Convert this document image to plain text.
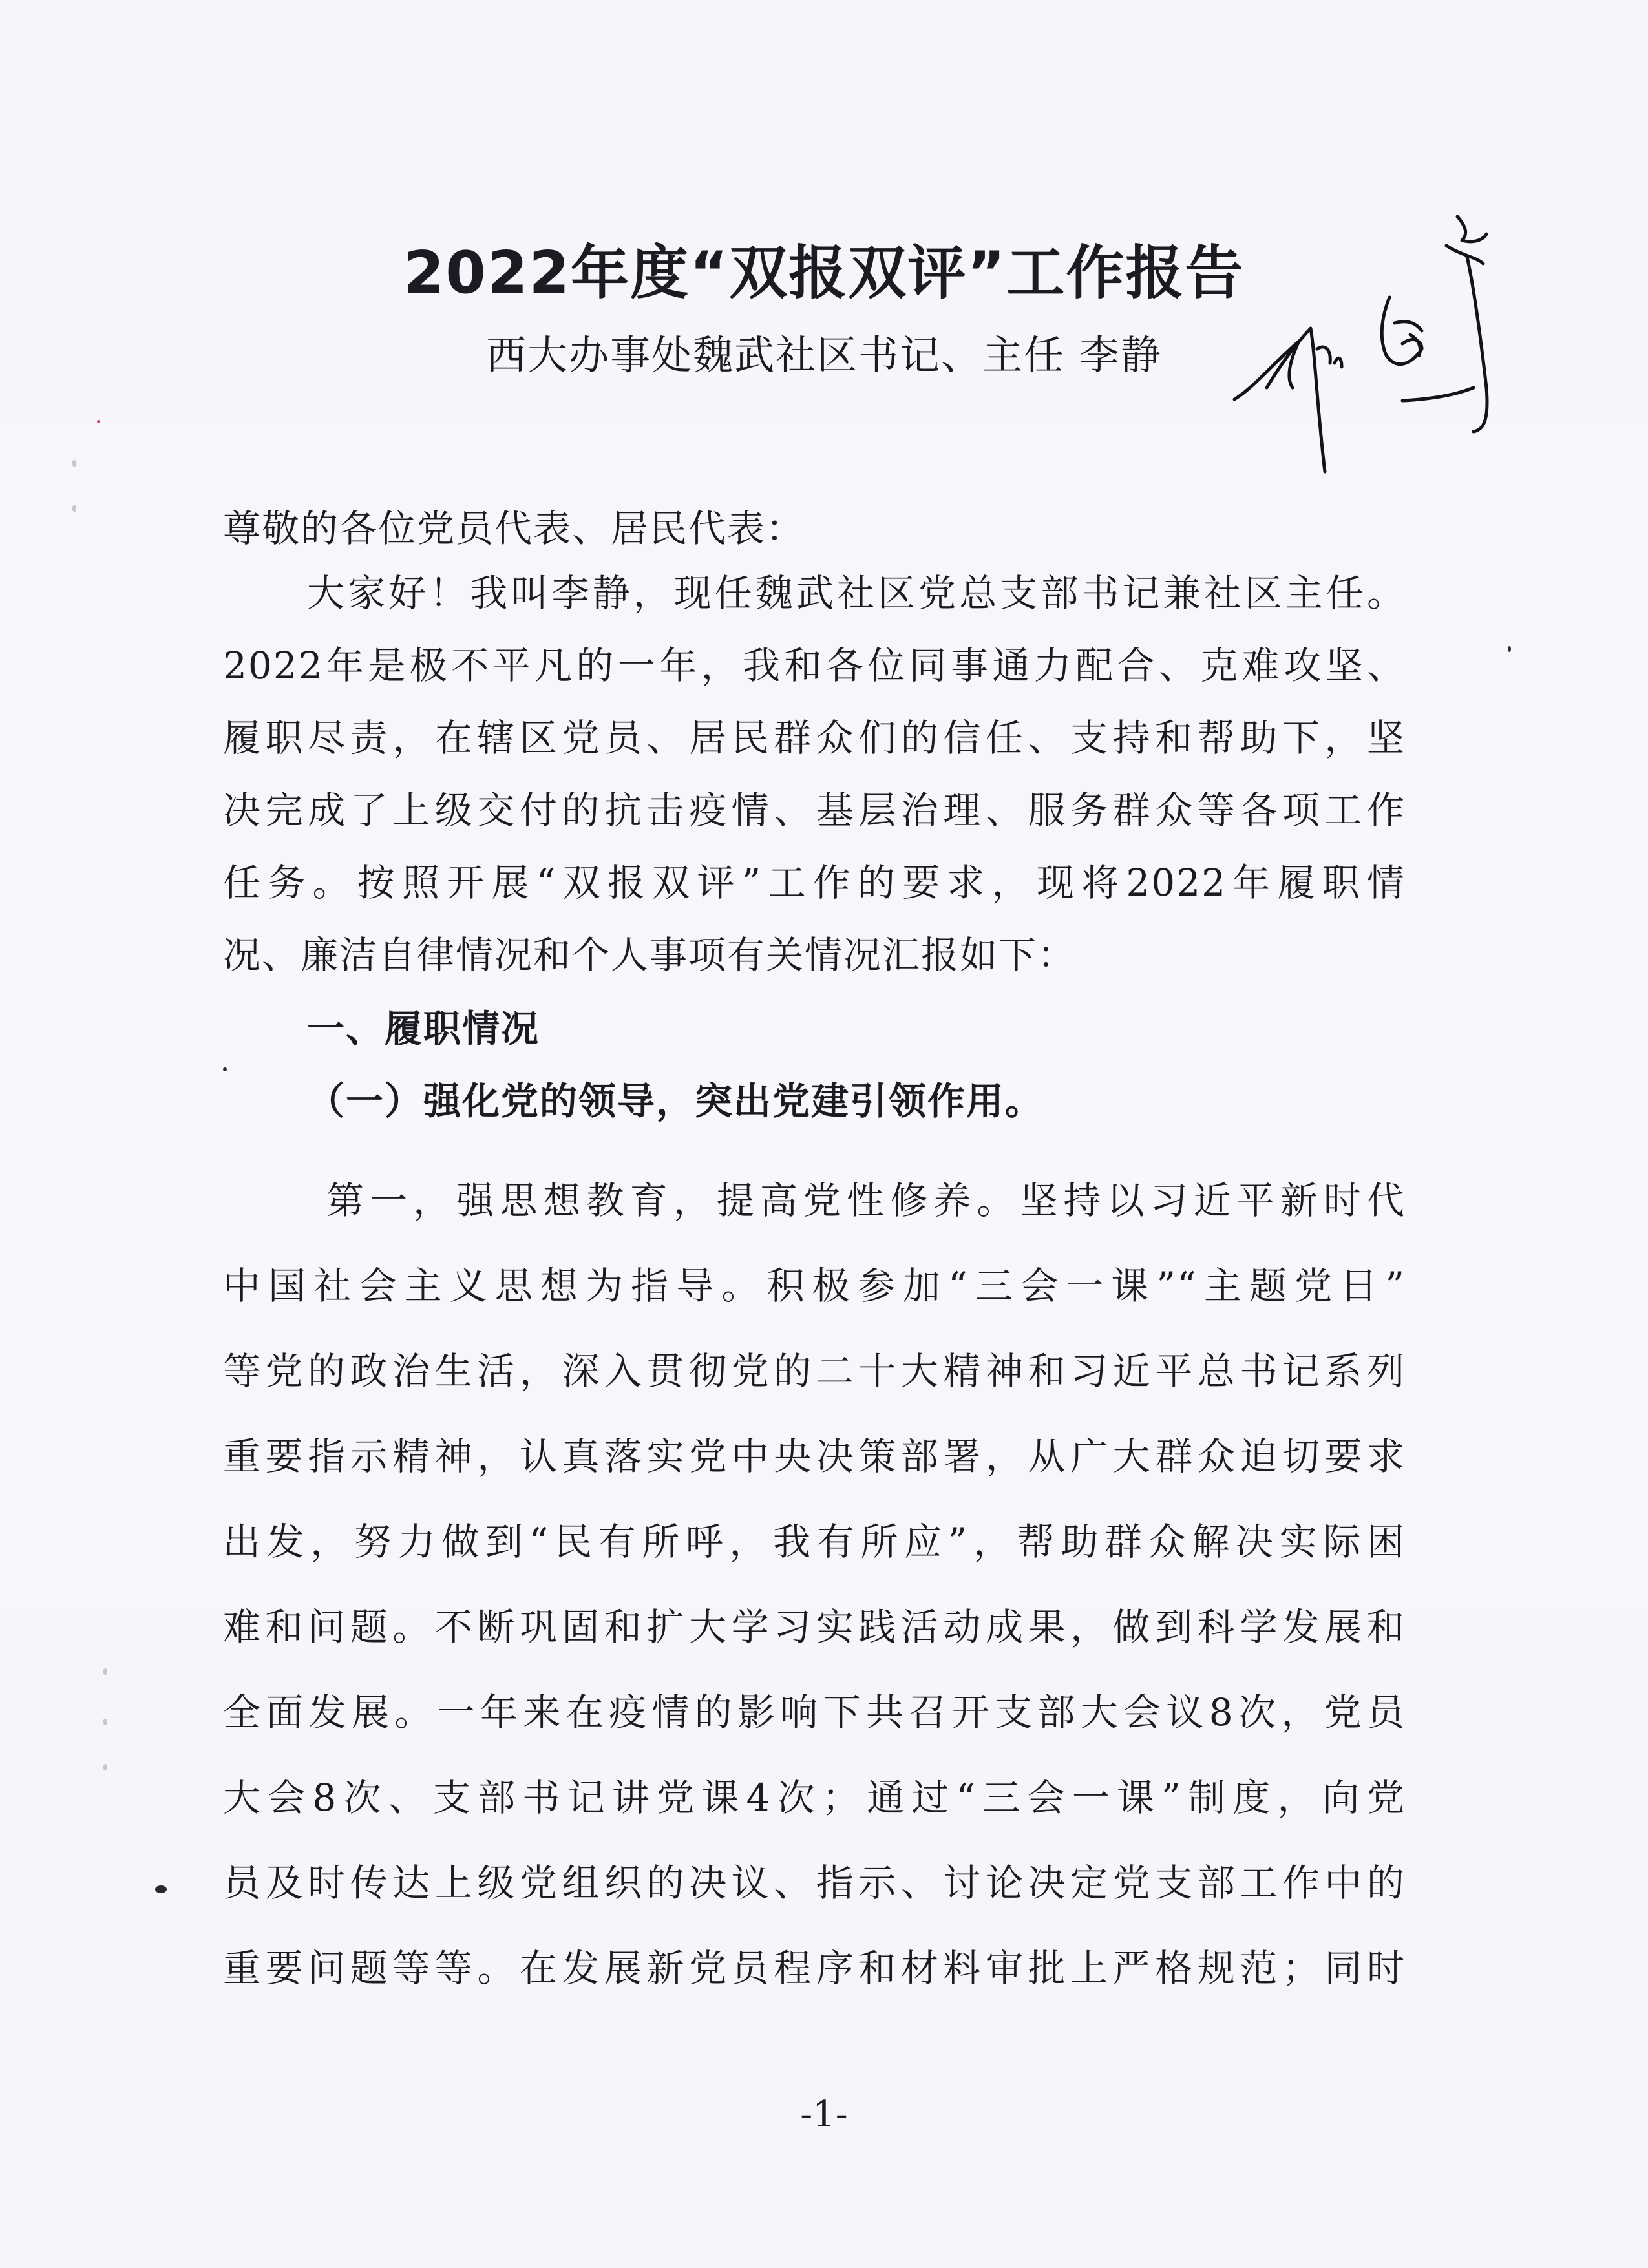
2022年度“双报双评”工作报告

西大办事处魏武社区书记、主任 李静

尊敬的各位党员代表、居民代表：

大家好！我叫李静，现任魏武社区党总支部书记兼社区主任。

2022年是极不平凡的一年，我和各位同事通力配合、克难攻坚、

履职尽责，在辖区党员、居民群众们的信任、支持和帮助下，坚

决完成了上级交付的抗击疫情、基层治理、服务群众等各项工作

任务。按照开展“双报双评”工作的要求，现将2022年履职情

况、廉洁自律情况和个人事项有关情况汇报如下：

一、履职情况

（一）强化党的领导，突出党建引领作用。

第一，强思想教育，提高党性修养。坚持以习近平新时代

中国社会主义思想为指导。积极参加“三会一课”“主题党日”

等党的政治生活，深入贯彻党的二十大精神和习近平总书记系列

重要指示精神，认真落实党中央决策部署，从广大群众迫切要求

出发，努力做到“民有所呼，我有所应”，帮助群众解决实际困

难和问题。不断巩固和扩大学习实践活动成果，做到科学发展和

全面发展。一年来在疫情的影响下共召开支部大会议8次，党员

大会8次、支部书记讲党课4次；通过“三会一课”制度，向党

员及时传达上级党组织的决议、指示、讨论决定党支部工作中的

重要问题等等。在发展新党员程序和材料审批上严格规范；同时

-1-
